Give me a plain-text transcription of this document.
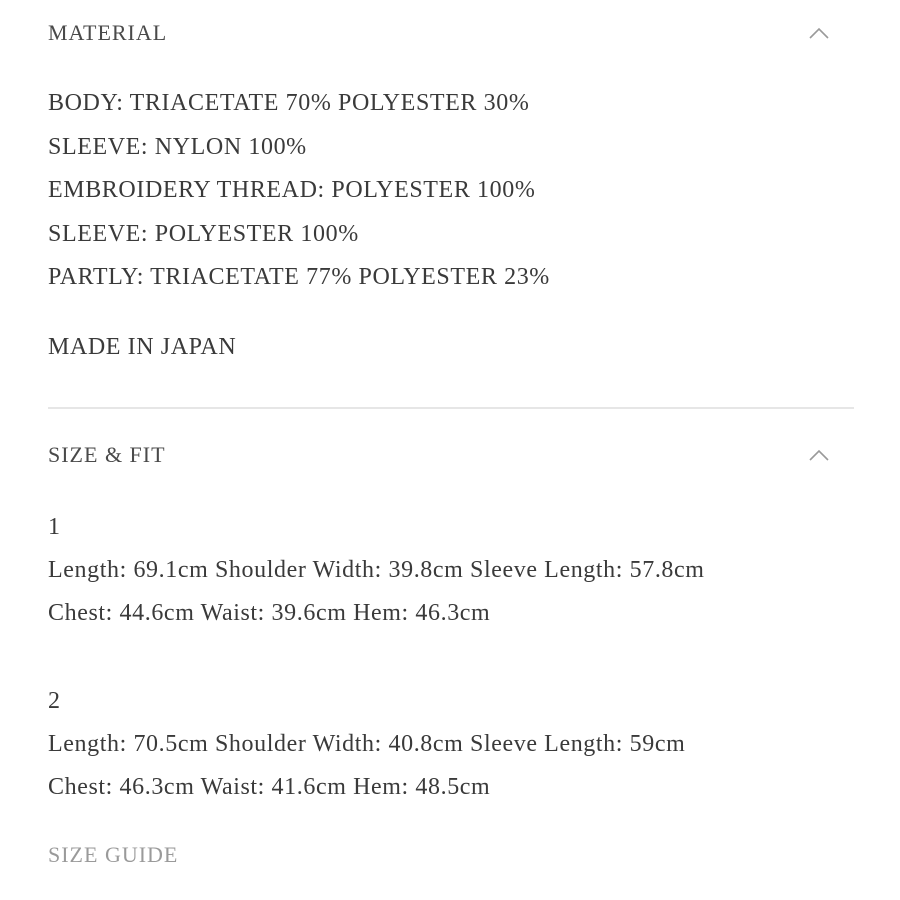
MATERIAL
BODY: TRIACETATE 70% POLYESTER 30%
SLEEVE: NYLON 100%
EMBROIDERY THREAD: POLYESTER 100%
SLEEVE: POLYESTER 100%
PARTLY: TRIACETATE 77% POLYESTER 23%
MADE IN JAPAN
SIZE & FIT
1
Length: 69.1cm Shoulder Width: 39.8cm Sleeve Length: 57.8cm
Chest: 44.6cm Waist: 39.6cm Hem: 46.3cm
2
Length: 70.5cm Shoulder Width: 40.8cm Sleeve Length: 59cm
Chest: 46.3cm Waist: 41.6cm Hem: 48.5cm
SIZE GUIDE
